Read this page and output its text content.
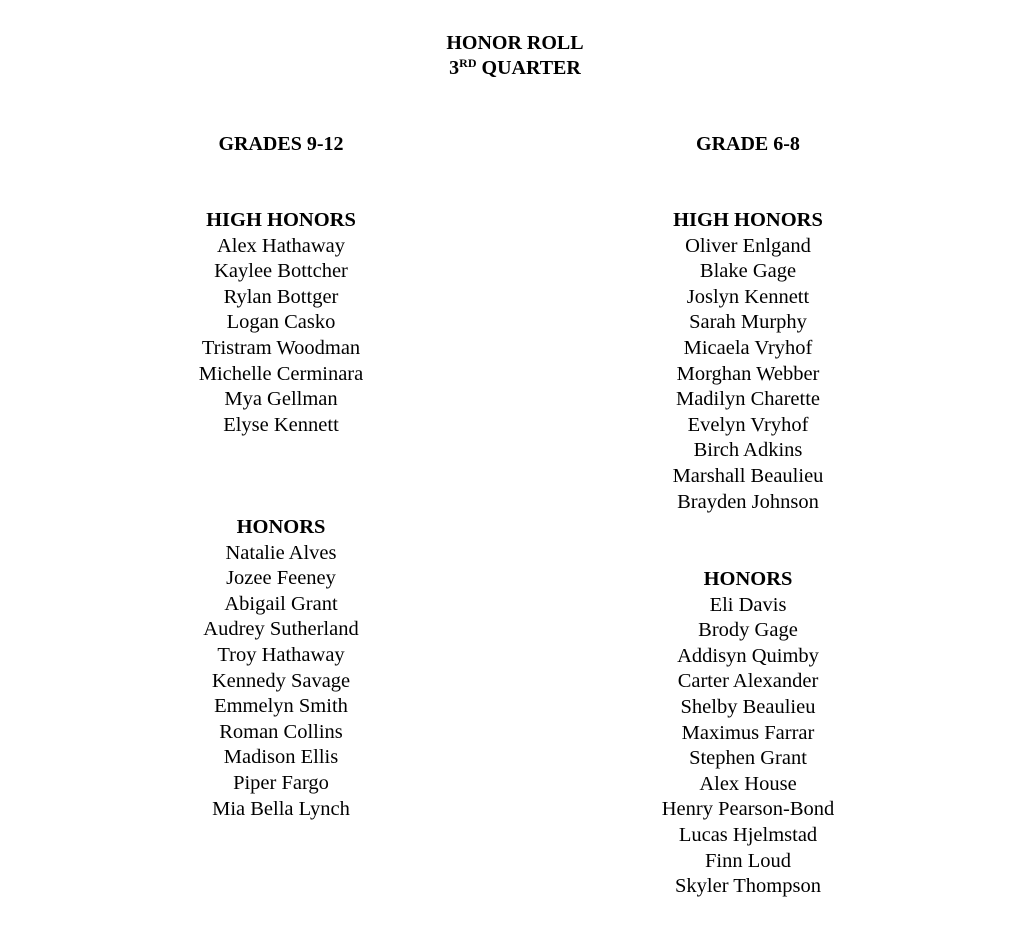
HONOR ROLL
3RD QUARTER
GRADES 9-12
HIGH HONORS
Alex Hathaway
Kaylee Bottcher
Rylan Bottger
Logan Casko
Tristram Woodman
Michelle Cerminara
Mya Gellman
Elyse Kennett
HONORS
Natalie Alves
Jozee Feeney
Abigail Grant
Audrey Sutherland
Troy Hathaway
Kennedy Savage
Emmelyn Smith
Roman Collins
Madison Ellis
Piper Fargo
Mia Bella Lynch
GRADE 6-8
HIGH HONORS
Oliver Enlgand
Blake Gage
Joslyn Kennett
Sarah Murphy
Micaela Vryhof
Morghan Webber
Madilyn Charette
Evelyn Vryhof
Birch Adkins
Marshall Beaulieu
Brayden Johnson
HONORS
Eli Davis
Brody Gage
Addisyn Quimby
Carter Alexander
Shelby Beaulieu
Maximus Farrar
Stephen Grant
Alex House
Henry Pearson-Bond
Lucas Hjelmstad
Finn Loud
Skyler Thompson
